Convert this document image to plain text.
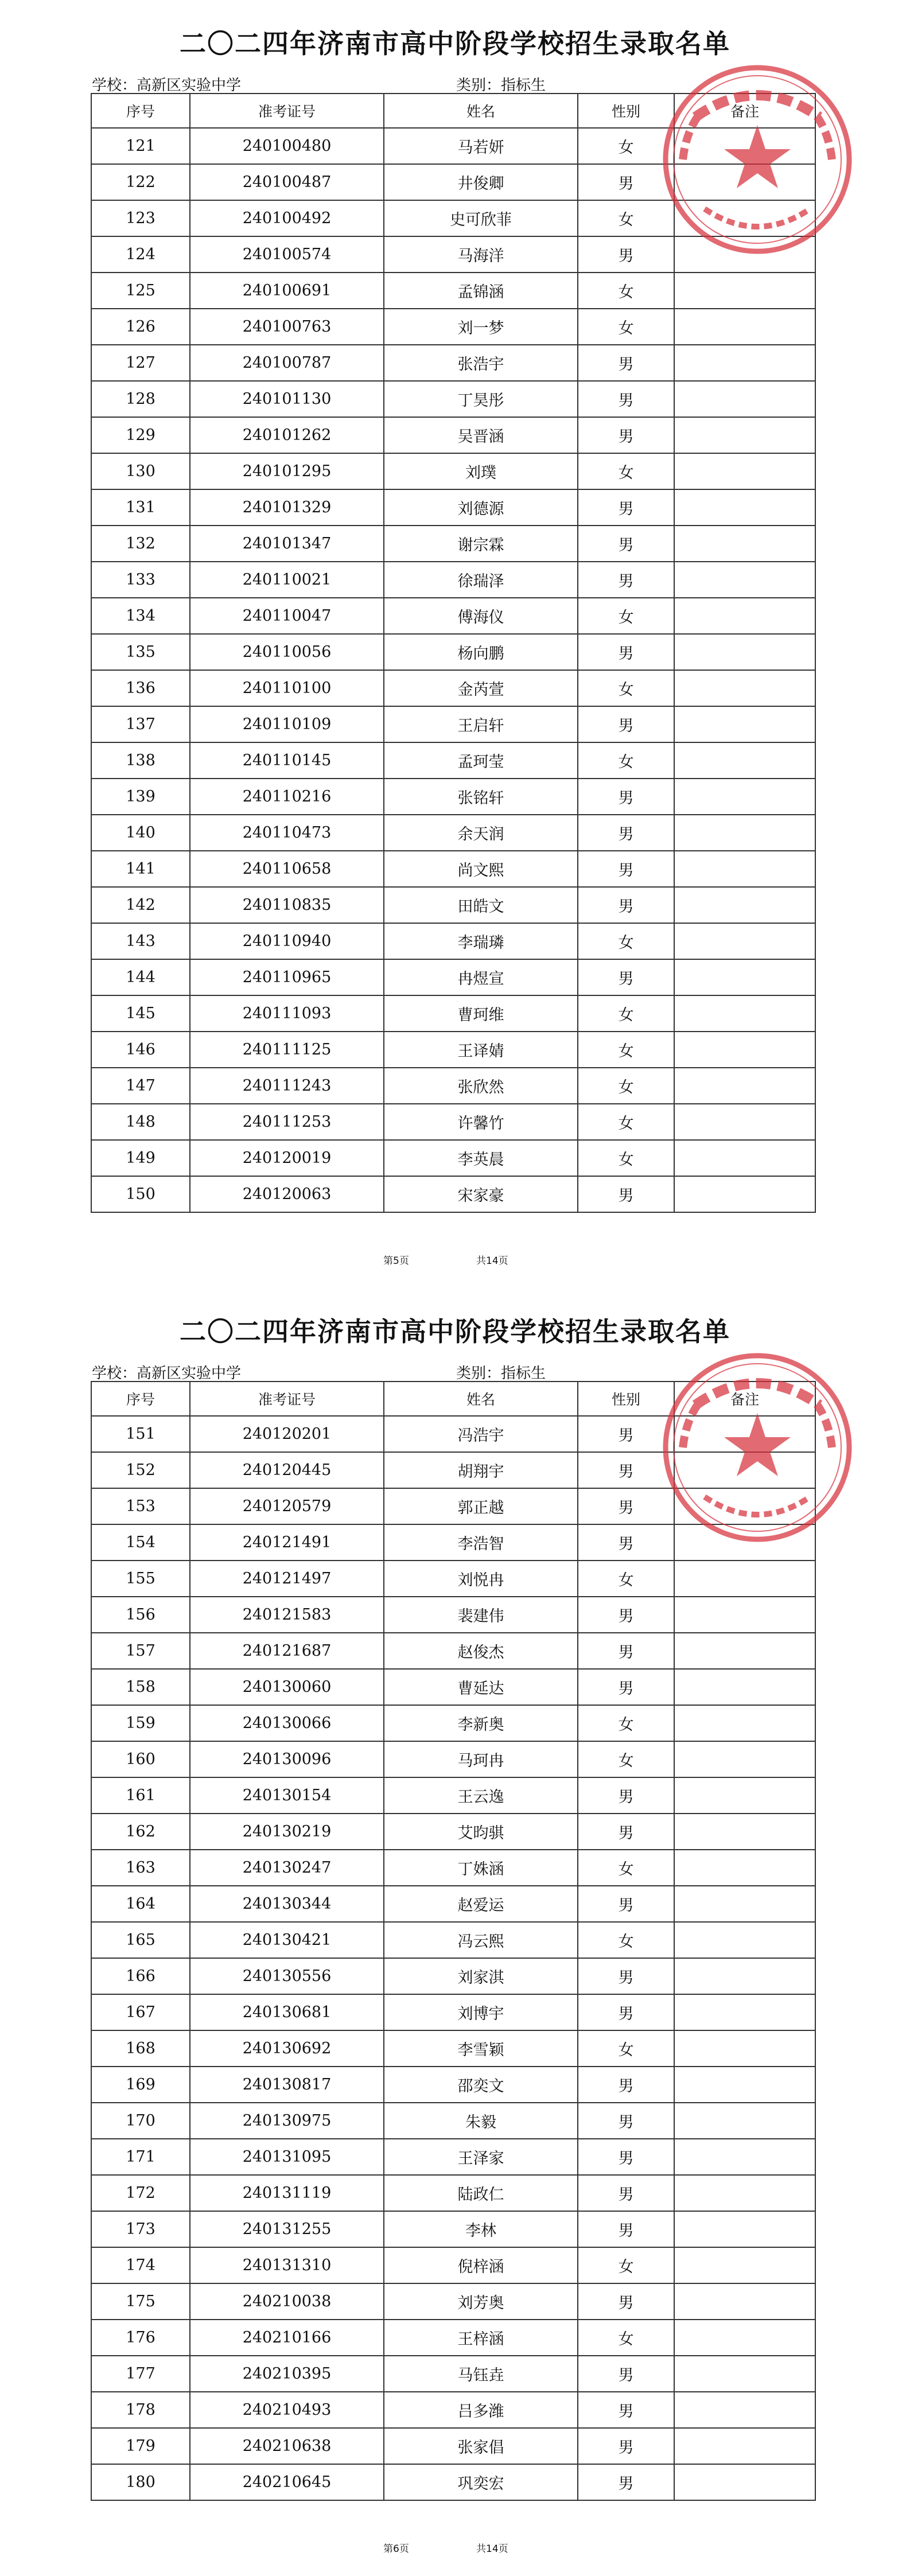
二〇二四年济南市高中阶段学校招生录取名单
学校：高新区实验中学	类别：指标生
序号	准考证号	姓名	性别	备注
121	240100480	马若妍	女	
122	240100487	井俊卿	男	
123	240100492	史可欣菲	女	
124	240100574	马海洋	男	
125	240100691	孟锦涵	女	
126	240100763	刘一梦	女	
127	240100787	张浩宇	男	
128	240101130	丁昊彤	男	
129	240101262	吴晋涵	男	
130	240101295	刘璞	女	
131	240101329	刘德源	男	
132	240101347	谢宗霖	男	
133	240110021	徐瑞泽	男	
134	240110047	傅海仪	女	
135	240110056	杨向鹏	男	
136	240110100	金芮萱	女	
137	240110109	王启轩	男	
138	240110145	孟珂莹	女	
139	240110216	张铭轩	男	
140	240110473	余天润	男	
141	240110658	尚文熙	男	
142	240110835	田皓文	男	
143	240110940	李瑞璘	女	
144	240110965	冉煜宣	男	
145	240111093	曹珂维	女	
146	240111125	王译婧	女	
147	240111243	张欣然	女	
148	240111253	许馨竹	女	
149	240120019	李英晨	女	
150	240120063	宋家豪	男	
第5页	共14页
二〇二四年济南市高中阶段学校招生录取名单
学校：高新区实验中学	类别：指标生
序号	准考证号	姓名	性别	备注
151	240120201	冯浩宇	男	
152	240120445	胡翔宇	男	
153	240120579	郭正越	男	
154	240121491	李浩智	男	
155	240121497	刘悦冉	女	
156	240121583	裴建伟	男	
157	240121687	赵俊杰	男	
158	240130060	曹延达	男	
159	240130066	李新奥	女	
160	240130096	马珂冉	女	
161	240130154	王云逸	男	
162	240130219	艾昀骐	男	
163	240130247	丁姝涵	女	
164	240130344	赵爱运	男	
165	240130421	冯云熙	女	
166	240130556	刘家淇	男	
167	240130681	刘博宇	男	
168	240130692	李雪颖	女	
169	240130817	邵奕文	男	
170	240130975	朱毅	男	
171	240131095	王泽家	男	
172	240131119	陆政仁	男	
173	240131255	李林	男	
174	240131310	倪梓涵	女	
175	240210038	刘芳奥	男	
176	240210166	王梓涵	女	
177	240210395	马钰垚	男	
178	240210493	吕多潍	男	
179	240210638	张家倡	男	
180	240210645	巩奕宏	男	
第6页	共14页
